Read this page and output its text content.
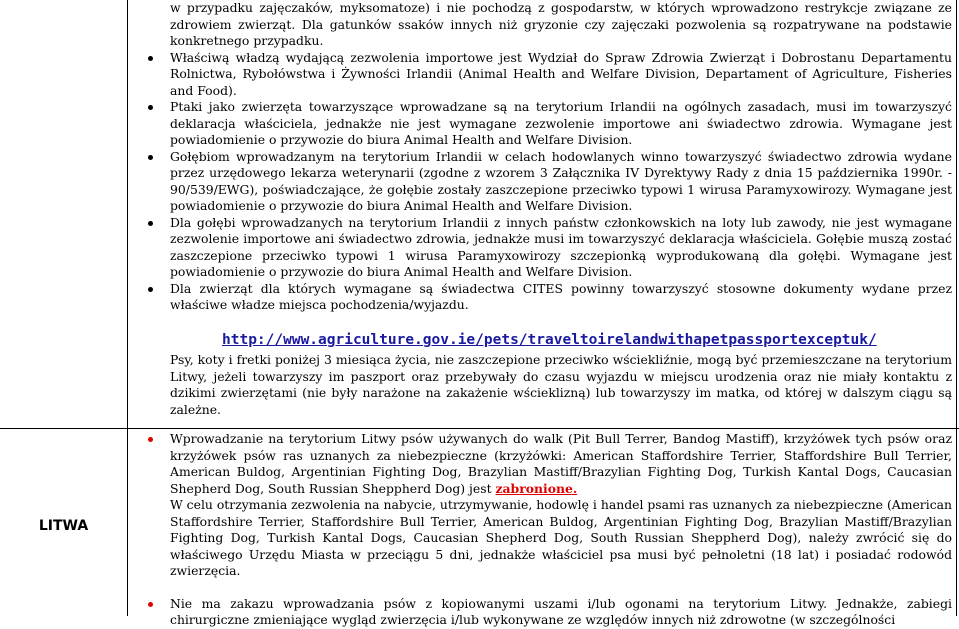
w przypadku zajęczaków, myksomatoze) i nie pochodzą z gospodarstw, w których wprowadzono restrykcje związane ze zdrowiem zwierząt. Dla gatunków ssaków innych niż gryzonie czy zajęczaki pozwolenia są rozpatrywane na podstawie konkretnego przypadku.

Właściwą władzą wydającą zezwolenia importowe jest Wydział do Spraw Zdrowia Zwierząt i Dobrostanu Departamentu Rolnictwa, Rybołówstwa i Żywności Irlandii (Animal Health and Welfare Division, Departament of Agriculture, Fisheries and Food).
Ptaki jako zwierzęta towarzyszące wprowadzane są na terytorium Irlandii na ogólnych zasadach, musi im towarzyszyć deklaracja właściciela, jednakże nie jest wymagane zezwolenie importowe ani świadectwo zdrowia. Wymagane jest powiadomienie o przywozie do biura Animal Health and Welfare Division.
Gołębiom wprowadzanym na terytorium Irlandii w celach hodowlanych winno towarzyszyć świadectwo zdrowia wydane przez urzędowego lekarza weterynarii (zgodne z wzorem 3 Załącznika IV Dyrektywy Rady z dnia 15 października 1990r. - 90/539/EWG), poświadczające, że gołębie zostały zaszczepione przeciwko typowi 1 wirusa Paramyxowirozy. Wymagane jest powiadomienie o przywozie do biura Animal Health and Welfare Division.
Dla gołębi wprowadzanych na terytorium Irlandii z innych państw członkowskich na loty lub zawody, nie jest wymagane zezwolenie importowe ani świadectwo zdrowia, jednakże musi im towarzyszyć deklaracja właściciela. Gołębie muszą zostać zaszczepione przeciwko typowi 1 wirusa Paramyxowirozy szczepionką wyprodukowaną dla gołębi. Wymagane jest powiadomienie o przywozie do biura Animal Health and Welfare Division.
Dla zwierząt dla których wymagane są świadectwa CITES powinny towarzyszyć stosowne dokumenty wydane przez właściwe władze miejsca pochodzenia/wyjazdu.
http://www.agriculture.gov.ie/pets/traveltoirelandwithapetpassportexceptuk/

Psy, koty i fretki poniżej 3 miesiąca życia, nie zaszczepione przeciwko wściekliźnie, mogą być przemieszczane na terytorium Litwy, jeżeli towarzyszy im paszport oraz przebywały do czasu wyjazdu w miejscu urodzenia oraz nie miały kontaktu z dzikimi zwierzętami (nie były narażone na zakażenie wścieklizną) lub towarzyszy im matka, od której w dalszym ciągu są zależne.

LITWA
Wprowadzanie na terytorium Litwy psów używanych do walk (Pit Bull Terrer, Bandog Mastiff), krzyżówek tych psów oraz krzyżówek psów ras uznanych za niebezpieczne (krzyżówki: American Staffordshire Terrier, Staffordshire Bull Terrier, American Buldog, Argentinian Fighting Dog, Brazylian Mastiff/Brazylian Fighting Dog, Turkish Kantal Dogs, Caucasian Shepherd Dog, South Russian Sheppherd Dog) jest zabronione.

W celu otrzymania zezwolenia na nabycie, utrzymywanie, hodowlę i handel psami ras uznanych za niebezpieczne (American Staffordshire Terrier, Staffordshire Bull Terrier, American Buldog, Argentinian Fighting Dog, Brazylian Mastiff/Brazylian Fighting Dog, Turkish Kantal Dogs, Caucasian Shepherd Dog, South Russian Sheppherd Dog), należy zwrócić się do właściwego Urzędu Miasta w przeciągu 5 dni, jednakże właściciel psa musi być pełnoletni (18 lat) i posiadać rodowód zwierzęcia.

Nie ma zakazu wprowadzania psów z kopiowanymi uszami i/lub ogonami na terytorium Litwy. Jednakże, zabiegi chirurgiczne zmieniające wygląd zwierzęcia i/lub wykonywane ze względów innych niż zdrowotne (w szczególności
